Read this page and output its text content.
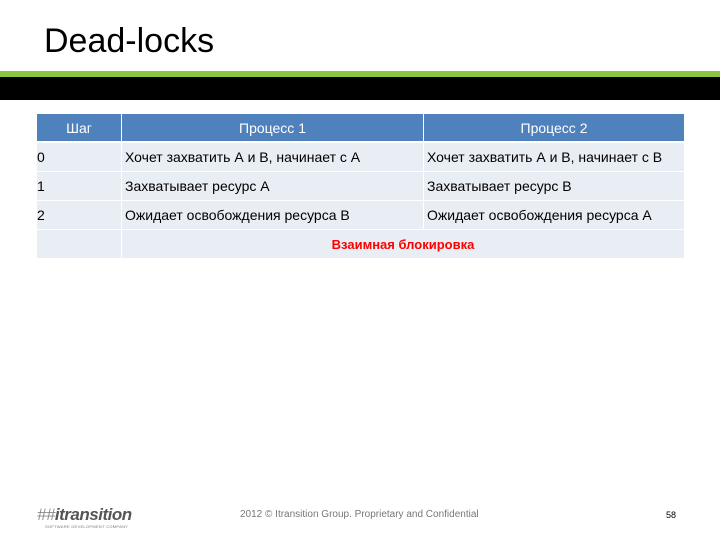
Dead-locks
Шаг	Процесс 1	Процесс 2
0	Хочет захватить А и В, начинает с А	Хочет захватить А и В, начинает с В
1	Захватывает ресурс А	Захватывает ресурс В
2	Ожидает освобождения ресурса В	Ожидает освобождения ресурса А
Взаимная блокировка
##itransition
SOFTWARE DEVELOPMENT COMPANY
2012 © Itransition Group. Proprietary and Confidential	58
